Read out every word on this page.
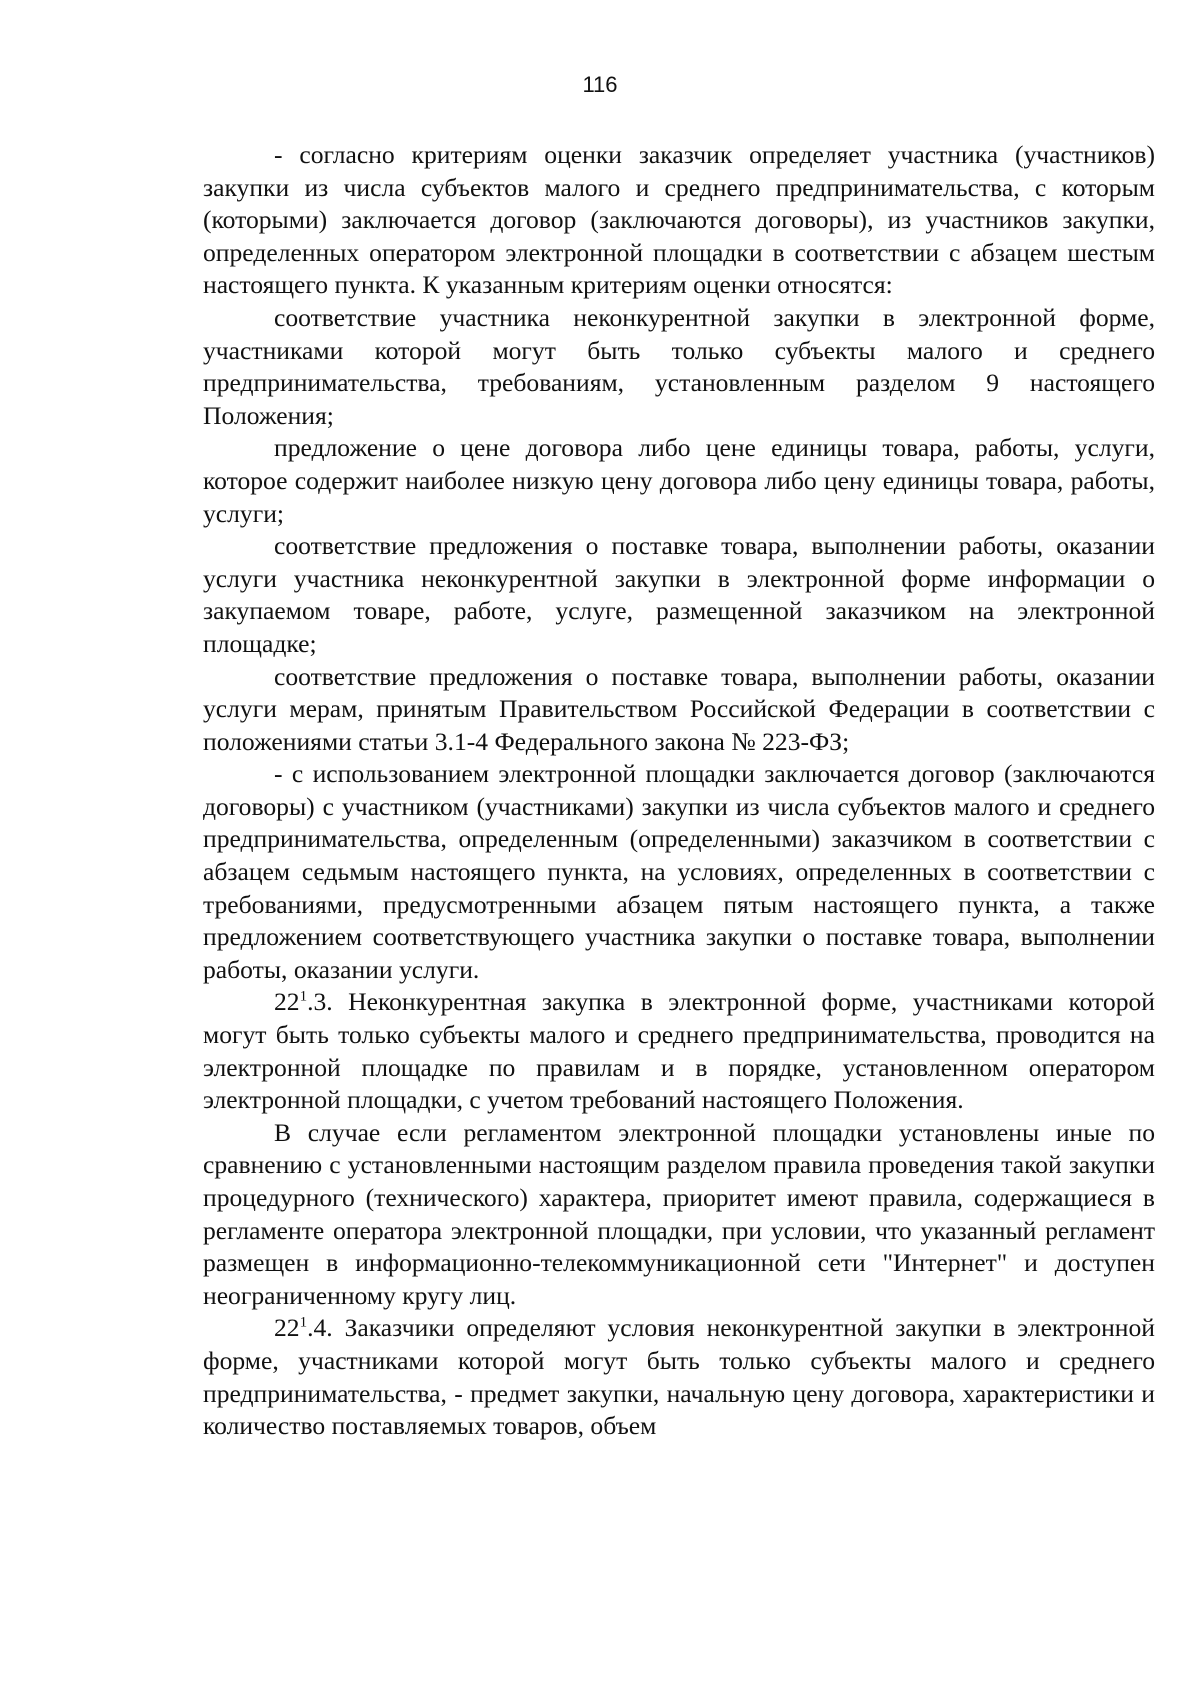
116

- согласно критериям оценки заказчик определяет участника (участников) закупки из числа субъектов малого и среднего предпринимательства, с которым (которыми) заключается договор (заключаются договоры), из участников закупки, определенных оператором электронной площадки в соответствии с абзацем шестым настоящего пункта. К указанным критериям оценки относятся:

соответствие участника неконкурентной закупки в электронной форме, участниками которой могут быть только субъекты малого и среднего предпринимательства, требованиям, установленным разделом 9 настоящего Положения;

предложение о цене договора либо цене единицы товара, работы, услуги, которое содержит наиболее низкую цену договора либо цену единицы товара, работы, услуги;

соответствие предложения о поставке товара, выполнении работы, оказании услуги участника неконкурентной закупки в электронной форме информации о закупаемом товаре, работе, услуге, размещенной заказчиком на электронной площадке;

соответствие предложения о поставке товара, выполнении работы, оказании услуги мерам, принятым Правительством Российской Федерации в соответствии с положениями статьи 3.1-4 Федерального закона № 223-ФЗ;

- с использованием электронной площадки заключается договор (заключаются договоры) с участником (участниками) закупки из числа субъектов малого и среднего предпринимательства, определенным (определенными) заказчиком в соответствии с абзацем седьмым настоящего пункта, на условиях, определенных в соответствии с требованиями, предусмотренными абзацем пятым настоящего пункта, а также предложением соответствующего участника закупки о поставке товара, выполнении работы, оказании услуги.

$22^1.3$. Неконкурентная закупка в электронной форме, участниками которой могут быть только субъекты малого и среднего предпринимательства, проводится на электронной площадке по правилам и в порядке, установленном оператором электронной площадки, с учетом требований настоящего Положения.

В случае если регламентом электронной площадки установлены иные по сравнению с установленными настоящим разделом правила проведения такой закупки процедурного (технического) характера, приоритет имеют правила, содержащиеся в регламенте оператора электронной площадки, при условии, что указанный регламент размещен в информационно-телекоммуникационной сети "Интернет" и доступен неограниченному кругу лиц.

$22^1.4$. Заказчики определяют условия неконкурентной закупки в электронной форме, участниками которой могут быть только субъекты малого и среднего предпринимательства, - предмет закупки, начальную цену договора, характеристики и количество поставляемых товаров, объем
